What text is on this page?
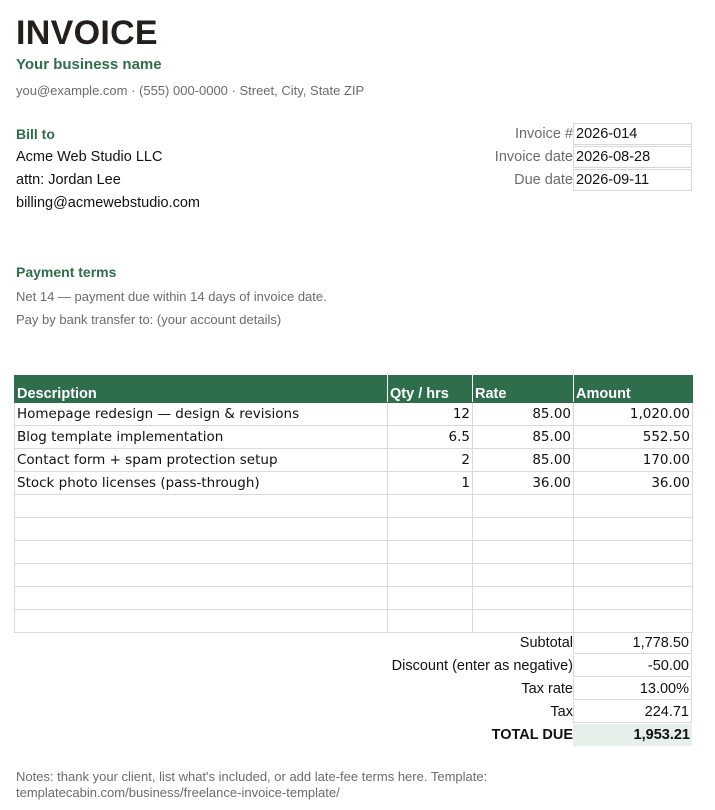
INVOICE
Your business name
you@example.com · (555) 000-0000 · Street, City, State ZIP
Bill to
Acme Web Studio LLC
attn: Jordan Lee
billing@acmewebstudio.com
Invoice # 2026-014
Invoice date 2026-08-28
Due date 2026-09-11
Payment terms
Net 14 — payment due within 14 days of invoice date.
Pay by bank transfer to: (your account details)
Description	Qty / hrs	Rate	Amount
Homepage redesign — design & revisions	12	85.00	1,020.00
Blog template implementation	6.5	85.00	552.50
Contact form + spam protection setup	2	85.00	170.00
Stock photo licenses (pass-through)	1	36.00	36.00

Subtotal	1,778.50
Discount (enter as negative)	-50.00
Tax rate	13.00%
Tax	224.71
TOTAL DUE	1,953.21
Notes: thank your client, list what's included, or add late-fee terms here. Template: templatecabin.com/business/freelance-invoice-template/
